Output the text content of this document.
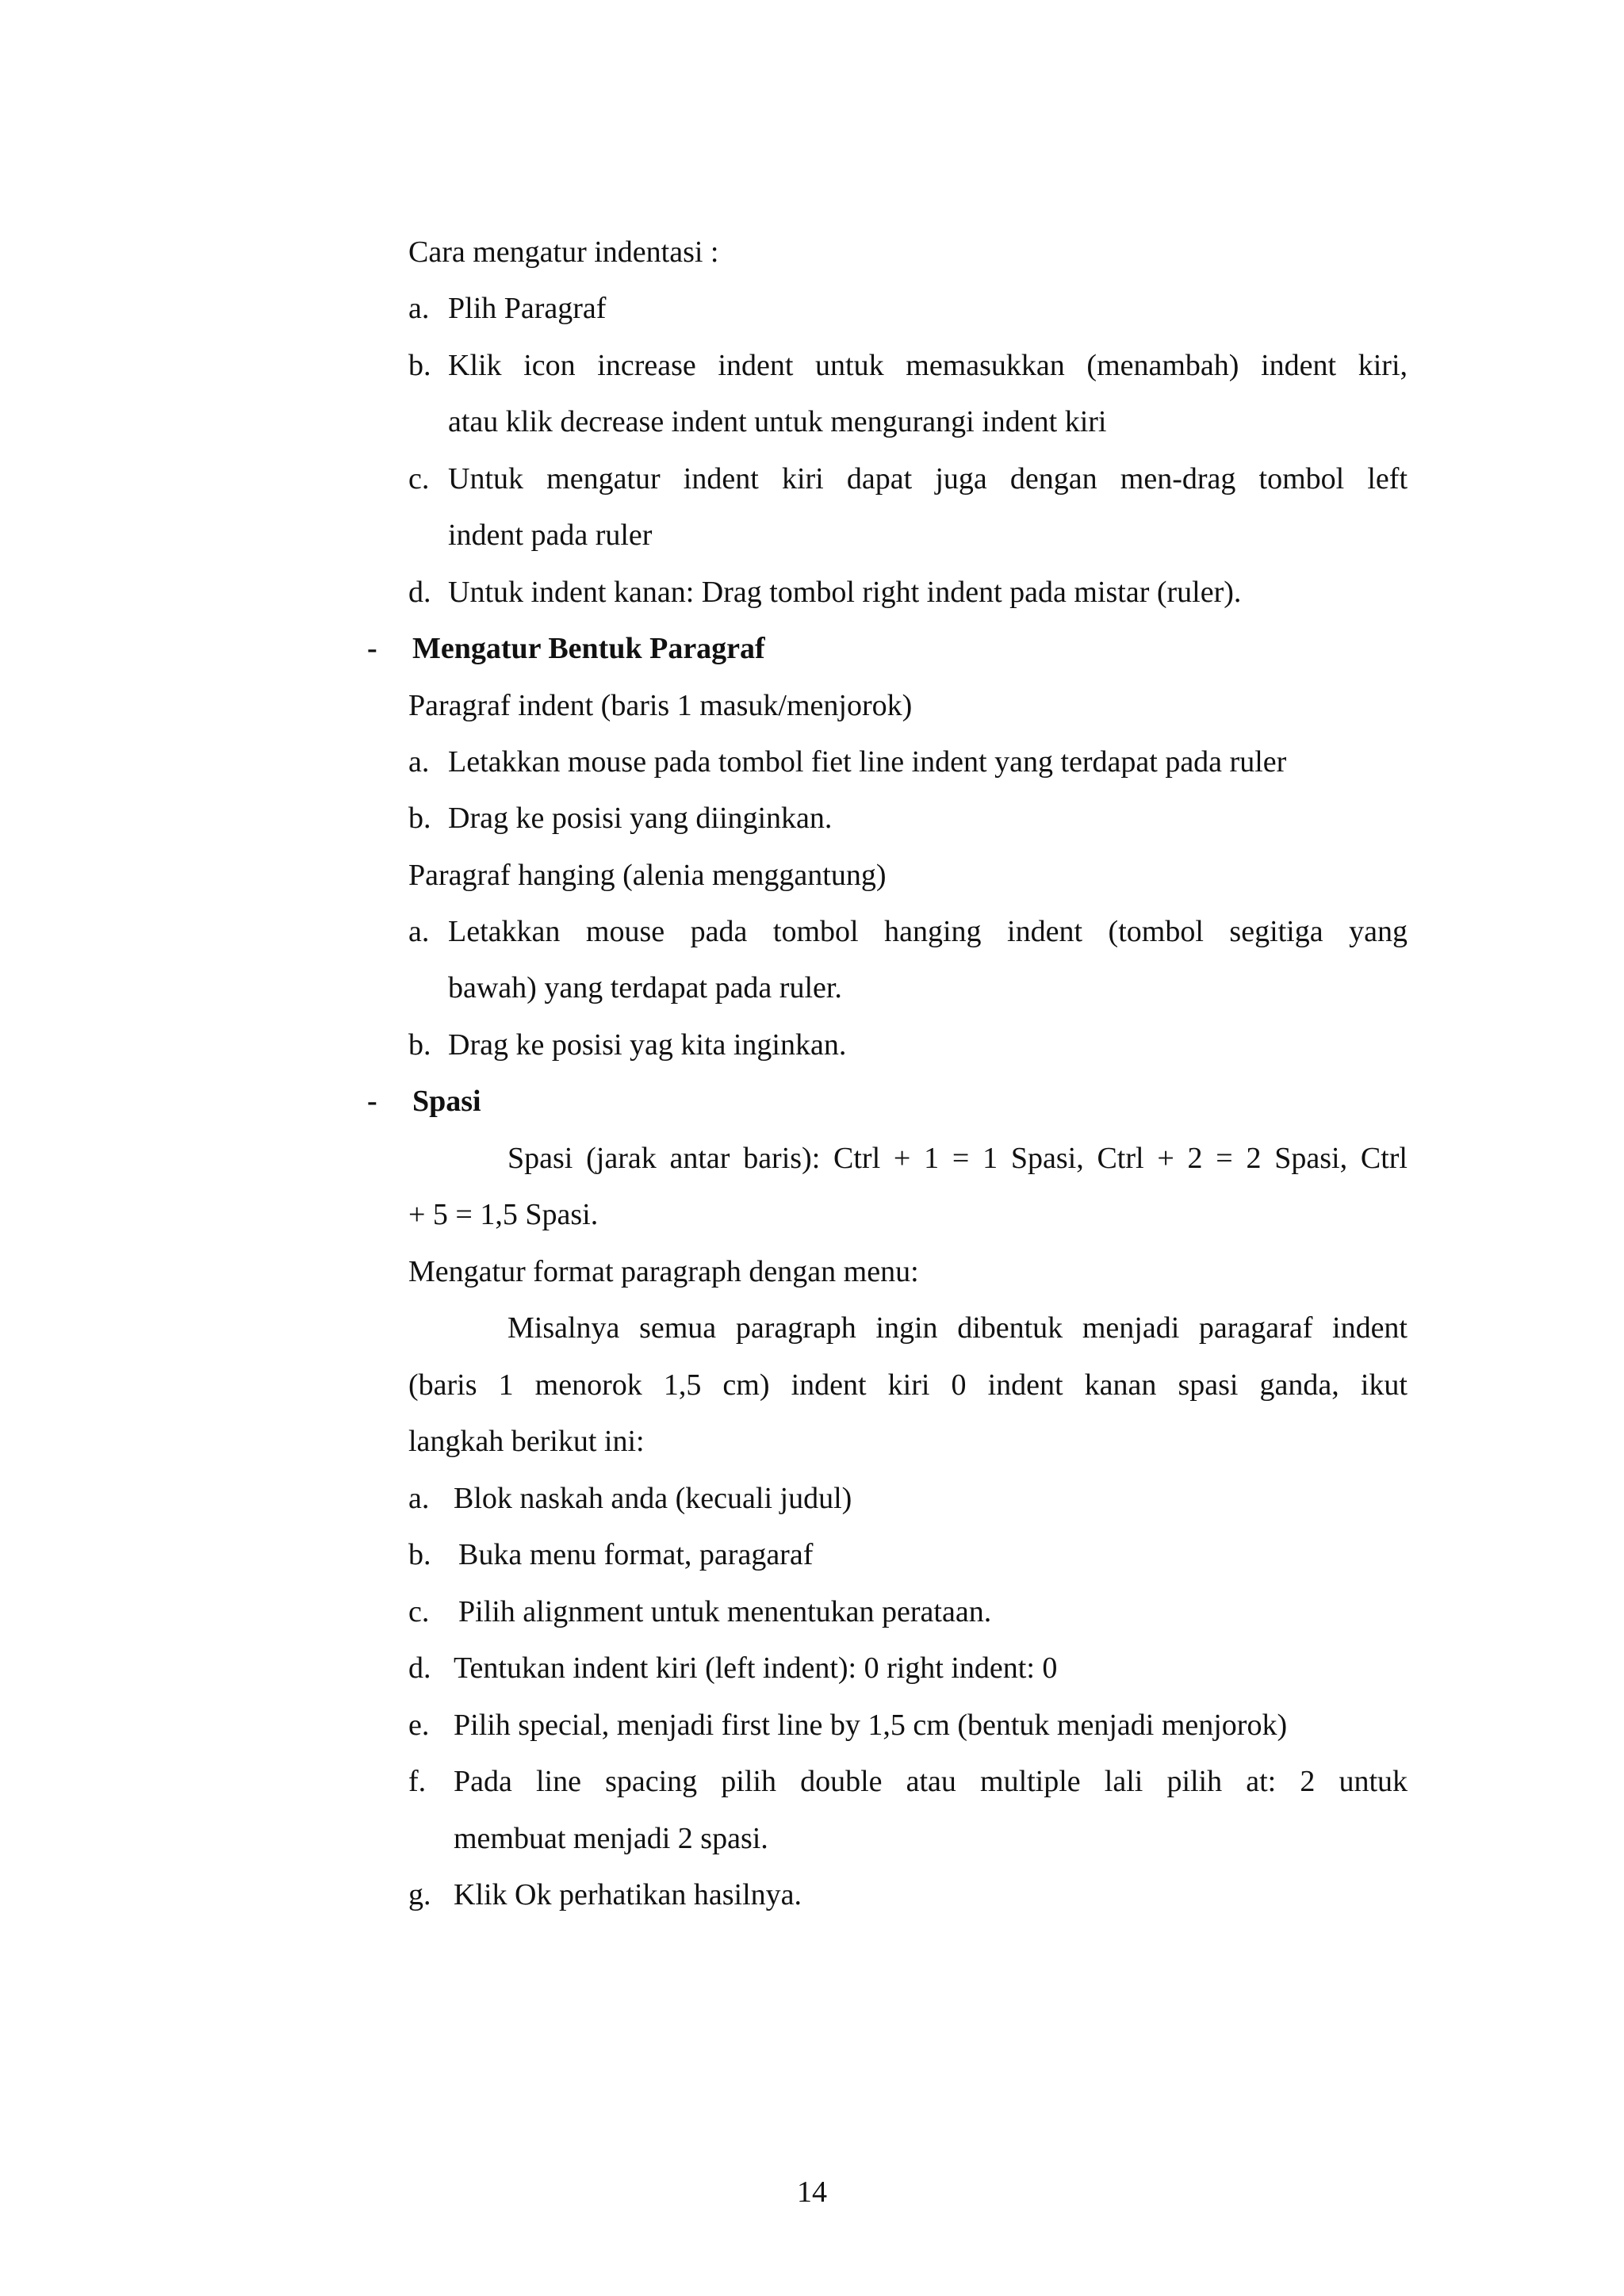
Cara mengatur indentasi :
a. Plih Paragraf
b. Klik icon increase indent untuk memasukkan (menambah) indent kiri,
atau klik decrease indent untuk mengurangi indent kiri
c. Untuk mengatur indent kiri dapat juga dengan men-drag tombol left
indent pada ruler
d. Untuk indent kanan: Drag tombol right indent pada mistar (ruler).
- Mengatur Bentuk Paragraf
Paragraf indent (baris 1 masuk/menjorok)
a. Letakkan mouse pada tombol fiet line indent yang terdapat pada ruler
b. Drag ke posisi yang diinginkan.
Paragraf hanging (alenia menggantung)
a. Letakkan mouse pada tombol hanging indent (tombol segitiga yang
bawah) yang terdapat pada ruler.
b. Drag ke posisi yag kita inginkan.
- Spasi
Spasi (jarak antar baris): Ctrl + 1 = 1 Spasi, Ctrl + 2 = 2 Spasi, Ctrl
+ 5 = 1,5 Spasi.
Mengatur format paragraph dengan menu:
Misalnya semua paragraph ingin dibentuk menjadi paragaraf indent
(baris 1 menorok 1,5 cm) indent kiri 0 indent kanan spasi ganda, ikut
langkah berikut ini:
a. Blok naskah anda (kecuali judul)
b. Buka menu format, paragaraf
c. Pilih alignment untuk menentukan perataan.
d. Tentukan indent kiri (left indent): 0 right indent: 0
e. Pilih special, menjadi first line by 1,5 cm (bentuk menjadi menjorok)
f. Pada line spacing pilih double atau multiple lali pilih at: 2 untuk
membuat menjadi 2 spasi.
g. Klik Ok perhatikan hasilnya.
14
